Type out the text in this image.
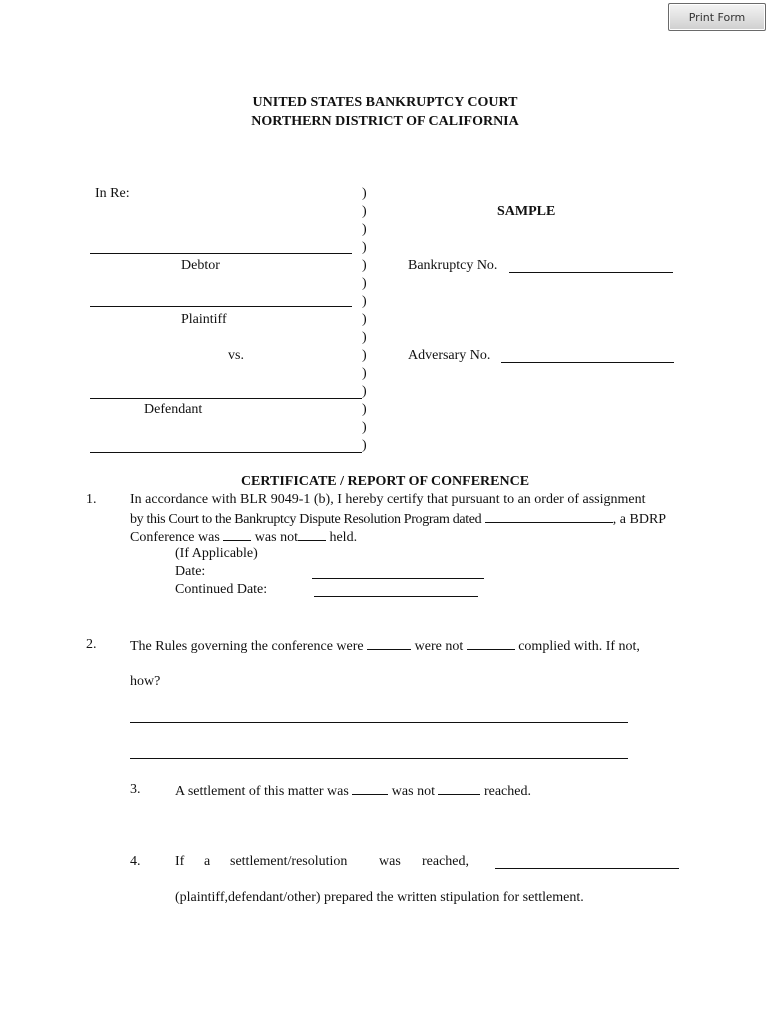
Print Form
UNITED STATES BANKRUPTCY COURT
NORTHERN DISTRICT OF CALIFORNIA
In Re:
Debtor
Plaintiff
vs.
Defendant
)
)
)
)
)
)
)
)
)
)
)
)
)
)
)
SAMPLE
Bankruptcy No.
Adversary No.
CERTIFICATE / REPORT OF CONFERENCE
1. In accordance with BLR 9049-1 (b), I hereby certify that pursuant to an order of assignment
by this Court to the Bankruptcy Dispute Resolution Program dated	, a BDRP
Conference was	was not held.
(If Applicable)
Date:
Continued Date:
2. The Rules governing the conference were	were not	complied with. If not,
how?
3. A settlement of this matter was	was not	reached.
4. If a settlement/resolution was reached,
(plaintiff,defendant/other) prepared the written stipulation for settlement.
